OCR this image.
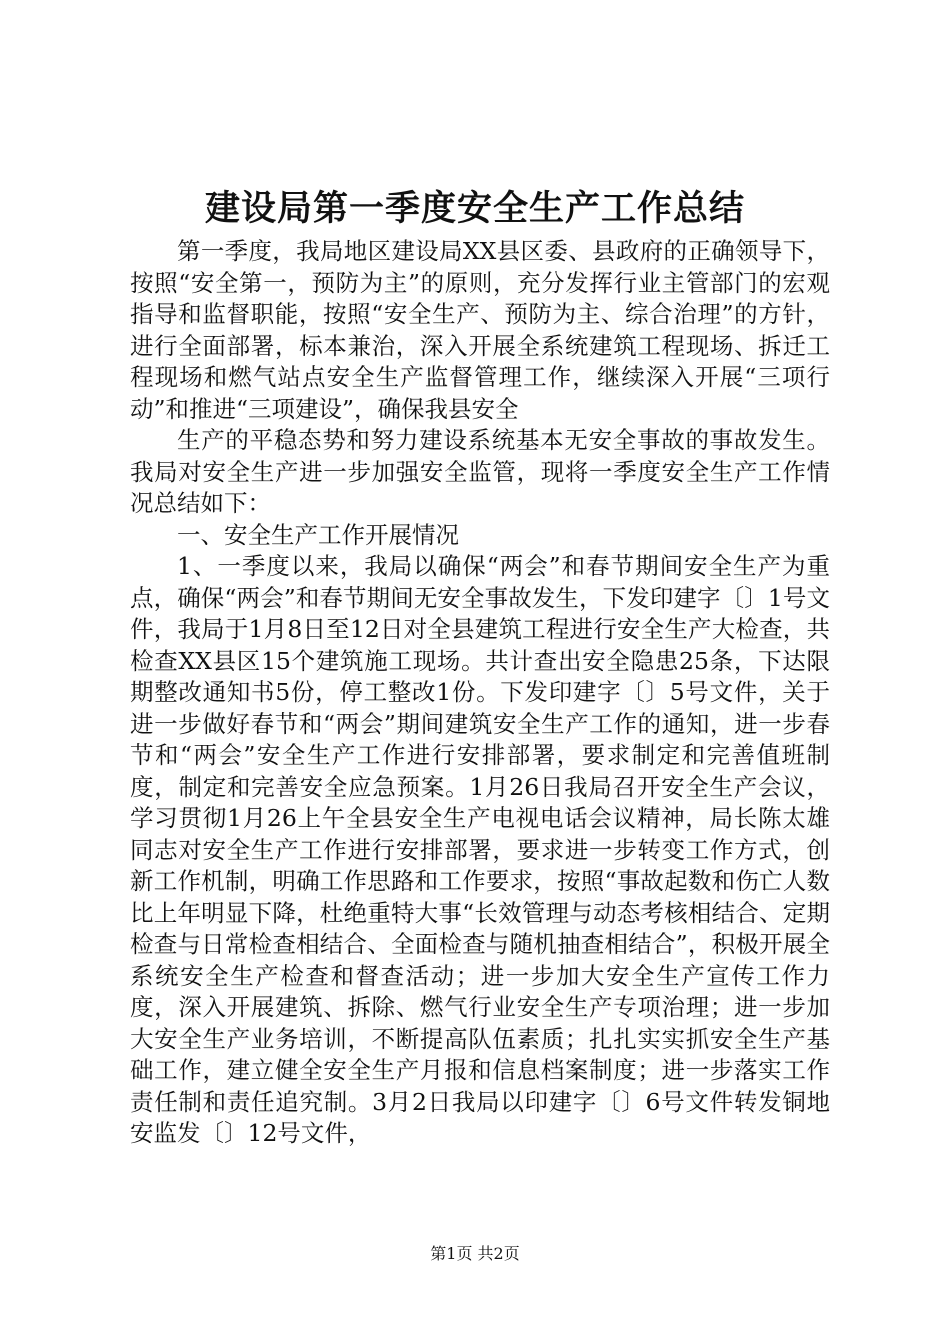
建设局第一季度安全生产工作总结

第一季度，我局地区建设局XX县区委、县政府的正确领导下，按照“安全第一，预防为主”的原则，充分发挥行业主管部门的宏观指导和监督职能，按照“安全生产、预防为主、综合治理”的方针，进行全面部署，标本兼治，深入开展全系统建筑工程现场、拆迁工程现场和燃气站点安全生产监督管理工作，继续深入开展“三项行动”和推进“三项建设”，确保我县安全

生产的平稳态势和努力建设系统基本无安全事故的事故发生。我局对安全生产进一步加强安全监管，现将一季度安全生产工作情况总结如下：

一、安全生产工作开展情况

1、一季度以来，我局以确保“两会”和春节期间安全生产为重点，确保“两会”和春节期间无安全事故发生，下发印建字〔〕1号文件，我局于1月8日至12日对全县建筑工程进行安全生产大检查，共检查XX县区15个建筑施工现场。共计查出安全隐患25条，下达限期整改通知书5份，停工整改1份。下发印建字〔〕5号文件，关于进一步做好春节和“两会”期间建筑安全生产工作的通知，进一步春节和“两会”安全生产工作进行安排部署，要求制定和完善值班制度，制定和完善安全应急预案。1月26日我局召开安全生产会议，学习贯彻1月26上午全县安全生产电视电话会议精神，局长陈太雄同志对安全生产工作进行安排部署，要求进一步转变工作方式，创新工作机制，明确工作思路和工作要求，按照“事故起数和伤亡人数比上年明显下降，杜绝重特大事“长效管理与动态考核相结合、定期检查与日常检查相结合、全面检查与随机抽查相结合”，积极开展全系统安全生产检查和督查活动；进一步加大安全生产宣传工作力度，深入开展建筑、拆除、燃气行业安全生产专项治理；进一步加大安全生产业务培训，不断提高队伍素质；扎扎实实抓安全生产基础工作，建立健全安全生产月报和信息档案制度；进一步落实工作责任制和责任追究制。3月2日我局以印建字〔〕6号文件转发铜地安监发〔〕12号文件，

第1页 共2页
